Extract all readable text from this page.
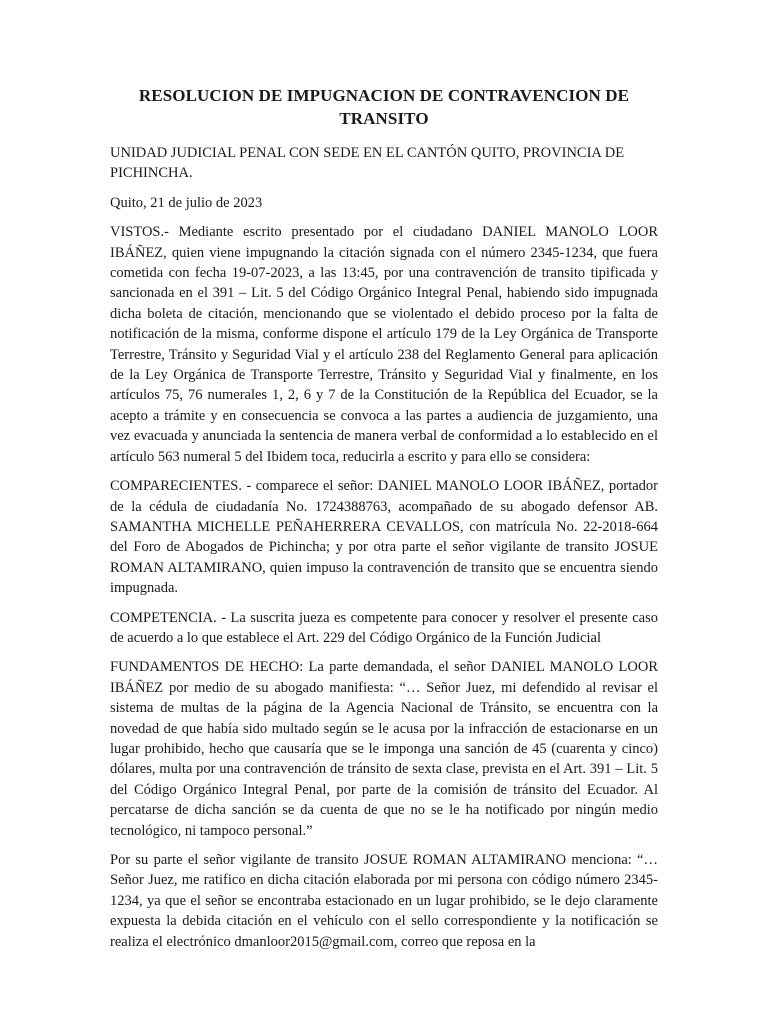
RESOLUCION DE IMPUGNACION DE CONTRAVENCION DE TRANSITO

UNIDAD JUDICIAL PENAL CON SEDE EN EL CANTÓN QUITO, PROVINCIA DE PICHINCHA.

Quito, 21 de julio de 2023

VISTOS.- Mediante escrito presentado por el ciudadano DANIEL MANOLO LOOR IBÁÑEZ, quien viene impugnando la citación signada con el número 2345-1234, que fuera cometida con fecha 19-07-2023, a las 13:45, por una contravención de transito tipificada y sancionada en el 391 – Lit. 5 del Código Orgánico Integral Penal, habiendo sido impugnada dicha boleta de citación, mencionando que se violentado el debido proceso por la falta de notificación de la misma, conforme dispone el artículo 179 de la Ley Orgánica de Transporte Terrestre, Tránsito y Seguridad Vial y el artículo 238 del Reglamento General para aplicación de la Ley Orgánica de Transporte Terrestre, Tránsito y Seguridad Vial y finalmente, en los artículos 75, 76 numerales 1, 2, 6 y 7 de la Constitución de la República del Ecuador, se la acepto a trámite y en consecuencia se convoca a las partes a audiencia de juzgamiento, una vez evacuada y anunciada la sentencia de manera verbal de conformidad a lo establecido en el artículo 563 numeral 5 del Ibidem toca, reducirla a escrito y para ello se considera:

COMPARECIENTES. - comparece el señor: DANIEL MANOLO LOOR IBÁÑEZ, portador de la cédula de ciudadanía No. 1724388763, acompañado de su abogado defensor AB. SAMANTHA MICHELLE PEÑAHERRERA CEVALLOS, con matrícula No. 22-2018-664 del Foro de Abogados de Pichincha; y por otra parte el señor vigilante de transito JOSUE ROMAN ALTAMIRANO, quien impuso la contravención de transito que se encuentra siendo impugnada.

COMPETENCIA. - La suscrita jueza es competente para conocer y resolver el presente caso de acuerdo a lo que establece el Art. 229 del Código Orgánico de la Función Judicial

FUNDAMENTOS DE HECHO: La parte demandada, el señor DANIEL MANOLO LOOR IBÁÑEZ por medio de su abogado manifiesta: “… Señor Juez, mi defendido al revisar el sistema de multas de la página de la Agencia Nacional de Tránsito, se encuentra con la novedad de que había sido multado según se le acusa por la infracción de estacionarse en un lugar prohibido, hecho que causaría que se le imponga una sanción de 45 (cuarenta y cinco) dólares, multa por una contravención de tránsito de sexta clase, prevista en el Art. 391 – Lit. 5 del Código Orgánico Integral Penal, por parte de la comisión de tránsito del Ecuador. Al percatarse de dicha sanción se da cuenta de que no se le ha notificado por ningún medio tecnológico, ni tampoco personal.”

Por su parte el señor vigilante de transito JOSUE ROMAN ALTAMIRANO menciona: “…Señor Juez, me ratifico en dicha citación elaborada por mi persona con código número 2345-1234, ya que el señor se encontraba estacionado en un lugar prohibido, se le dejo claramente expuesta la debida citación en el vehículo con el sello correspondiente y la notificación se realiza el electrónico dmanloor2015@gmail.com, correo que reposa en la
